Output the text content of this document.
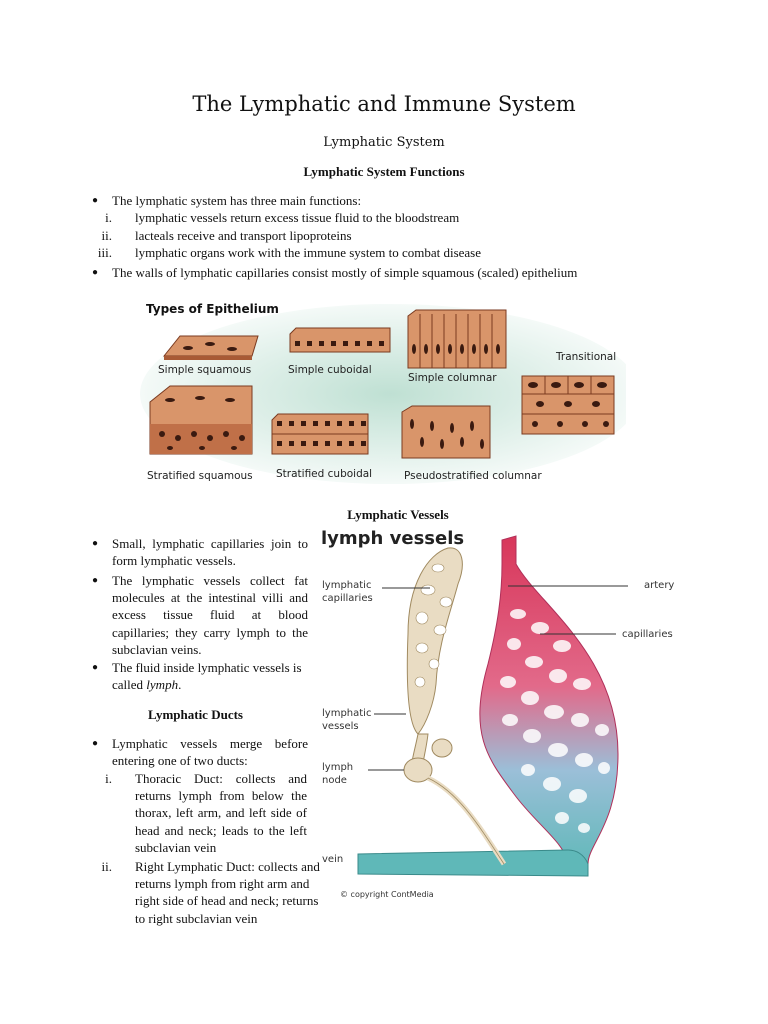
The Lymphatic and Immune System
Lymphatic System
Lymphatic System Functions
● The lymphatic system has three main functions:
i. lymphatic vessels return excess tissue fluid to the bloodstream
ii. lacteals receive and transport lipoproteins
iii. lymphatic organs work with the immune system to combat disease
● The walls of lymphatic capillaries consist mostly of simple squamous (scaled) epithelium
Types of Epithelium
Simple squamous	Simple cuboidal
Simple columnar
Transitional
Stratified squamous Stratified cuboidal	Pseudostratified columnar
Lymphatic Vessels
● Small, lymphatic capillaries join to form lymphatic vessels.
● The lymphatic vessels collect fat molecules at the intestinal villi and excess tissue fluid at blood capillaries; they carry lymph to the subclavian veins.
● The fluid inside lymphatic vessels is called lymph.
Lymphatic Ducts
● Lymphatic vessels merge before entering one of two ducts:
i. Thoracic Duct: collects and returns lymph from below the thorax, left arm, and left side of head and neck; leads to the left subclavian vein
ii. Right Lymphatic Duct: collects and returns lymph from right arm and right side of head and neck; returns to right subclavian vein
lymph vessels
lymphatic
capillaries
artery
capillaries
lymphatic
vessels
lymph
node
vein
© copyright ContMedia
